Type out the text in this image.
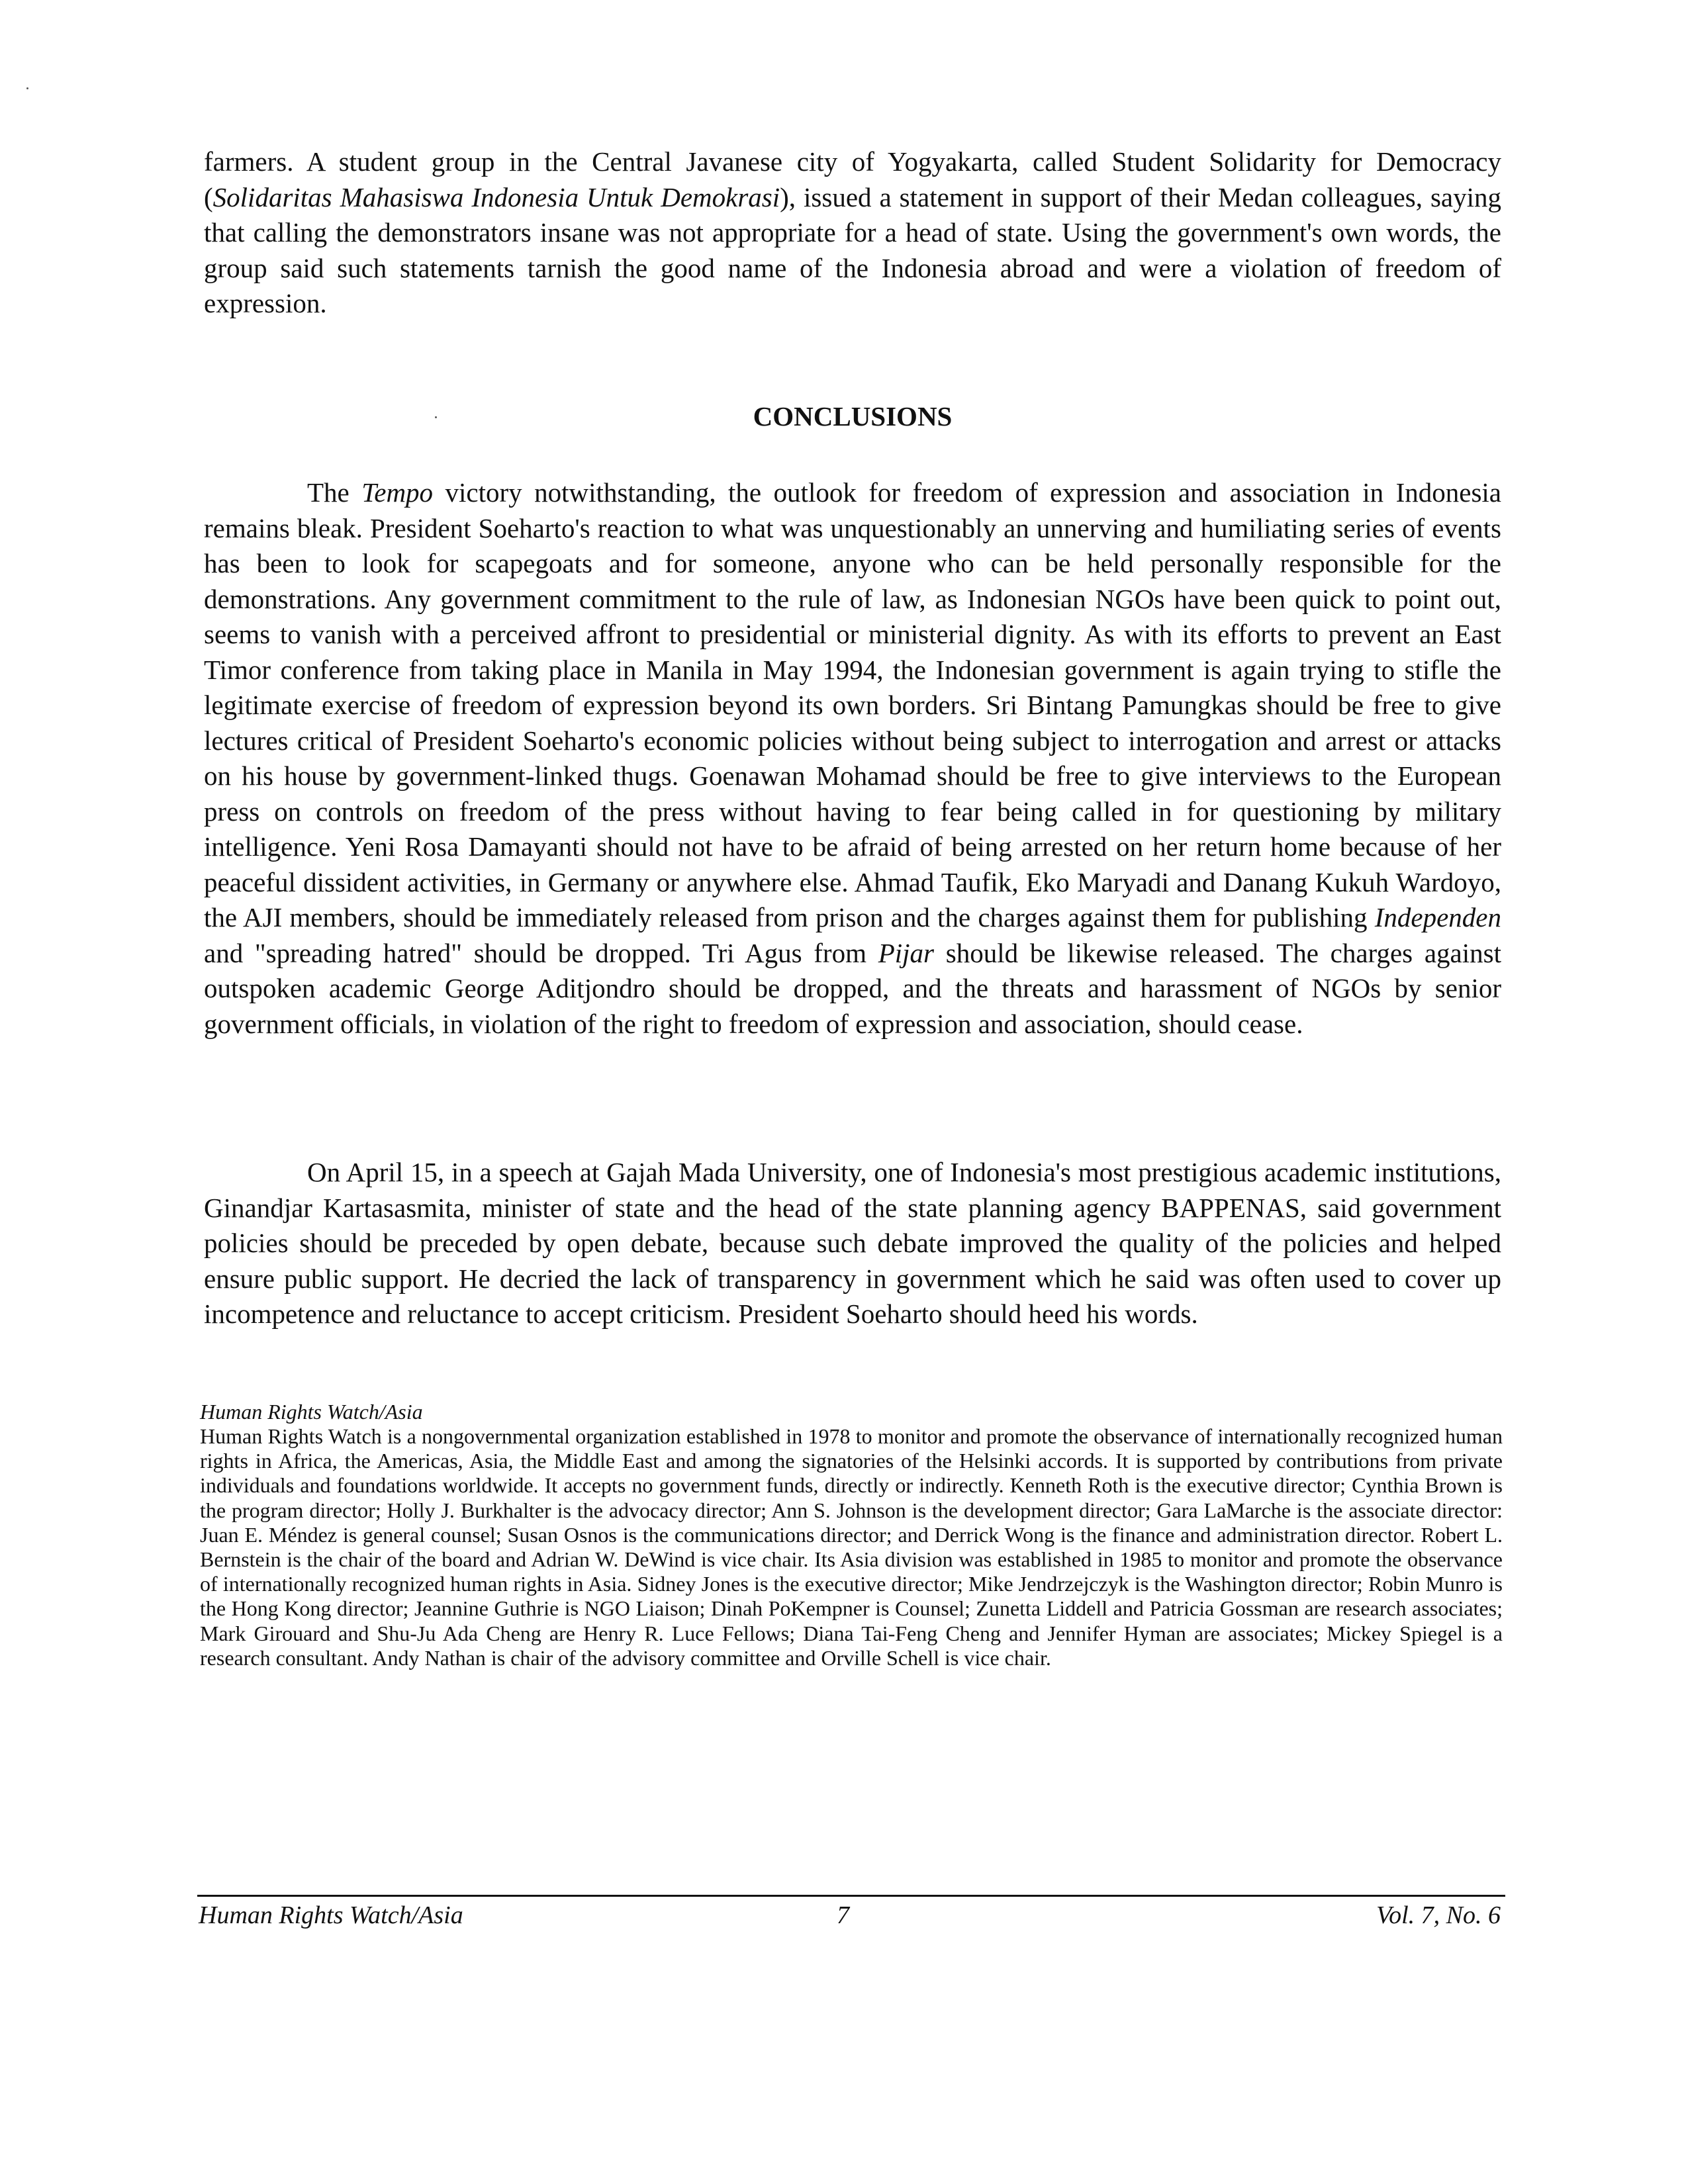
farmers. A student group in the Central Javanese city of Yogyakarta, called Student Solidarity for Democracy (Solidaritas Mahasiswa Indonesia Untuk Demokrasi), issued a statement in support of their Medan colleagues, saying that calling the demonstrators insane was not appropriate for a head of state. Using the government's own words, the group said such statements tarnish the good name of the Indonesia abroad and were a violation of freedom of expression.

CONCLUSIONS

The Tempo victory notwithstanding, the outlook for freedom of expression and association in Indonesia remains bleak. President Soeharto's reaction to what was unquestionably an unnerving and humiliating series of events has been to look for scapegoats and for someone, anyone who can be held personally responsible for the demonstrations. Any government commitment to the rule of law, as Indonesian NGOs have been quick to point out, seems to vanish with a perceived affront to presidential or ministerial dignity. As with its efforts to prevent an East Timor conference from taking place in Manila in May 1994, the Indonesian government is again trying to stifle the legitimate exercise of freedom of expression beyond its own borders. Sri Bintang Pamungkas should be free to give lectures critical of President Soeharto's economic policies without being subject to interrogation and arrest or attacks on his house by government-linked thugs. Goenawan Mohamad should be free to give interviews to the European press on controls on freedom of the press without having to fear being called in for questioning by military intelligence. Yeni Rosa Damayanti should not have to be afraid of being arrested on her return home because of her peaceful dissident activities, in Germany or anywhere else. Ahmad Taufik, Eko Maryadi and Danang Kukuh Wardoyo, the AJI members, should be immediately released from prison and the charges against them for publishing Independen and "spreading hatred" should be dropped. Tri Agus from Pijar should be likewise released. The charges against outspoken academic George Aditjondro should be dropped, and the threats and harassment of NGOs by senior government officials, in violation of the right to freedom of expression and association, should cease.

On April 15, in a speech at Gajah Mada University, one of Indonesia's most prestigious academic institutions, Ginandjar Kartasasmita, minister of state and the head of the state planning agency BAPPENAS, said government policies should be preceded by open debate, because such debate improved the quality of the policies and helped ensure public support. He decried the lack of transparency in government which he said was often used to cover up incompetence and reluctance to accept criticism. President Soeharto should heed his words.

Human Rights Watch/Asia

Human Rights Watch is a nongovernmental organization established in 1978 to monitor and promote the observance of internationally recognized human rights in Africa, the Americas, Asia, the Middle East and among the signatories of the Helsinki accords. It is supported by contributions from private individuals and foundations worldwide. It accepts no government funds, directly or indirectly. Kenneth Roth is the executive director; Cynthia Brown is the program director; Holly J. Burkhalter is the advocacy director; Ann S. Johnson is the development director; Gara LaMarche is the associate director: Juan E. Méndez is general counsel; Susan Osnos is the communications director; and Derrick Wong is the finance and administration director. Robert L. Bernstein is the chair of the board and Adrian W. DeWind is vice chair. Its Asia division was established in 1985 to monitor and promote the observance of internationally recognized human rights in Asia. Sidney Jones is the executive director; Mike Jendrzejczyk is the Washington director; Robin Munro is the Hong Kong director; Jeannine Guthrie is NGO Liaison; Dinah PoKempner is Counsel; Zunetta Liddell and Patricia Gossman are research associates; Mark Girouard and Shu-Ju Ada Cheng are Henry R. Luce Fellows; Diana Tai-Feng Cheng and Jennifer Hyman are associates; Mickey Spiegel is a research consultant. Andy Nathan is chair of the advisory committee and Orville Schell is vice chair.

Human Rights Watch/Asia	7	Vol. 7, No. 6
